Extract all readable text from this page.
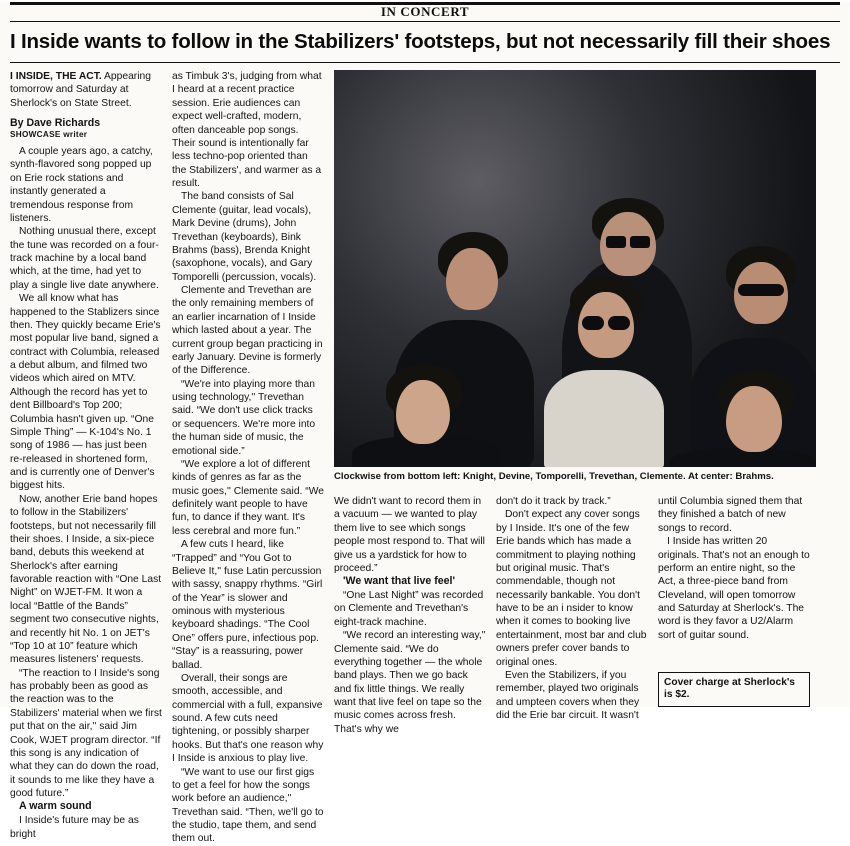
IN CONCERT
I Inside wants to follow in the Stabilizers' footsteps, but not necessarily fill their shoes

I INSIDE, THE ACT. Appearing tomorrow and Saturday at Sherlock's on State Street.

By Dave Richards
SHOWCASE writer

A couple years ago, a catchy, synth-flavored song popped up on Erie rock stations and instantly generated a tremendous response from listeners.

Nothing unusual there, except the tune was recorded on a four-track machine by a local band which, at the time, had yet to play a single live date anywhere.

We all know what has happened to the Stablizers since then. They quickly became Erie's most popular live band, signed a contract with Columbia, released a debut album, and filmed two videos which aired on MTV. Although the record has yet to dent Billboard's Top 200; Columbia hasn't given up. “One Simple Thing” — K-104's No. 1 song of 1986 — has just been re-released in shortened form, and is currently one of Denver's biggest hits.

Now, another Erie band hopes to follow in the Stabilizers' footsteps, but not necessarily fill their shoes. I Inside, a six-piece band, debuts this weekend at Sherlock's after earning favorable reaction with “One Last Night” on WJET-FM. It won a local “Battle of the Bands” segment two consecutive nights, and recently hit No. 1 on JET's “Top 10 at 10” feature which measures listeners' requests.

“The reaction to I Inside's song has probably been as good as the reaction was to the Stabilizers' material when we first put that on the air,'' said Jim Cook, WJET program director. “If this song is any indication of what they can do down the road, it sounds to me like they have a good future.”

A warm sound

I Inside's future may be as bright

as Timbuk 3's, judging from what I heard at a recent practice session. Erie audiences can expect well-crafted, modern, often danceable pop songs. Their sound is intentionally far less techno-pop oriented than the Stabilizers', and warmer as a result.

The band consists of Sal Clemente (guitar, lead vocals), Mark Devine (drums), John Trevethan (keyboards), Bink Brahms (bass), Brenda Knight (saxophone, vocals), and Gary Tomporelli (percussion, vocals).

Clemente and Trevethan are the only remaining members of an earlier incarnation of I Inside which lasted about a year. The current group began practicing in early January. Devine is formerly of the Difference.

“We're into playing more than using technology,'' Trevethan said. “We don't use click tracks or sequencers. We're more into the human side of music, the emotional side.”

“We explore a lot of different kinds of genres as far as the music goes,'' Clemente said. “We definitely want people to have fun, to dance if they want. It's less cerebral and more fun.”

A few cuts I heard, like “Trapped” and “You Got to Believe It,'' fuse Latin percussion with sassy, snappy rhythms. “Girl of the Year” is slower and ominous with mysterious keyboard shadings. “The Cool One” offers pure, infectious pop. “Stay” is a reassuring, power ballad.

Overall, their songs are smooth, accessible, and commercial with a full, expansive sound. A few cuts need tightening, or possibly sharper hooks. But that's one reason why I Inside is anxious to play live.

“We want to use our first gigs to get a feel for how the songs work before an audience,'' Trevethan said. “Then, we'll go to the studio, tape them, and send them out.

Clockwise from bottom left: Knight, Devine, Tomporelli, Trevethan, Clemente. At center: Brahms.

We didn't want to record them in a vacuum — we wanted to play them live to see which songs people most respond to. That will give us a yardstick for how to proceed.”

'We want that live feel'

“One Last Night” was recorded on Clemente and Trevethan's eight-track machine.

“We record an interesting way,'' Clemente said. “We do everything together — the whole band plays. Then we go back and fix little things. We really want that live feel on tape so the music comes across fresh. That's why we

don't do it track by track.”

Don't expect any cover songs by I Inside. It's one of the few Erie bands which has made a commitment to playing nothing but original music. That's commendable, though not necessarily bankable. You don't have to be an i nsider to know when it comes to booking live entertainment, most bar and club owners prefer cover bands to original ones.

Even the Stabilizers, if you remember, played two originals and umpteen covers when they did the Erie bar circuit. It wasn't

until Columbia signed them that they finished a batch of new songs to record.

I Inside has written 20 originals. That's not an enough to perform an entire night, so the Act, a three-piece band from Cleveland, will open tomorrow and Saturday at Sherlock's. The word is they favor a U2/Alarm sort of guitar sound.

Cover charge at Sherlock's is $2.
